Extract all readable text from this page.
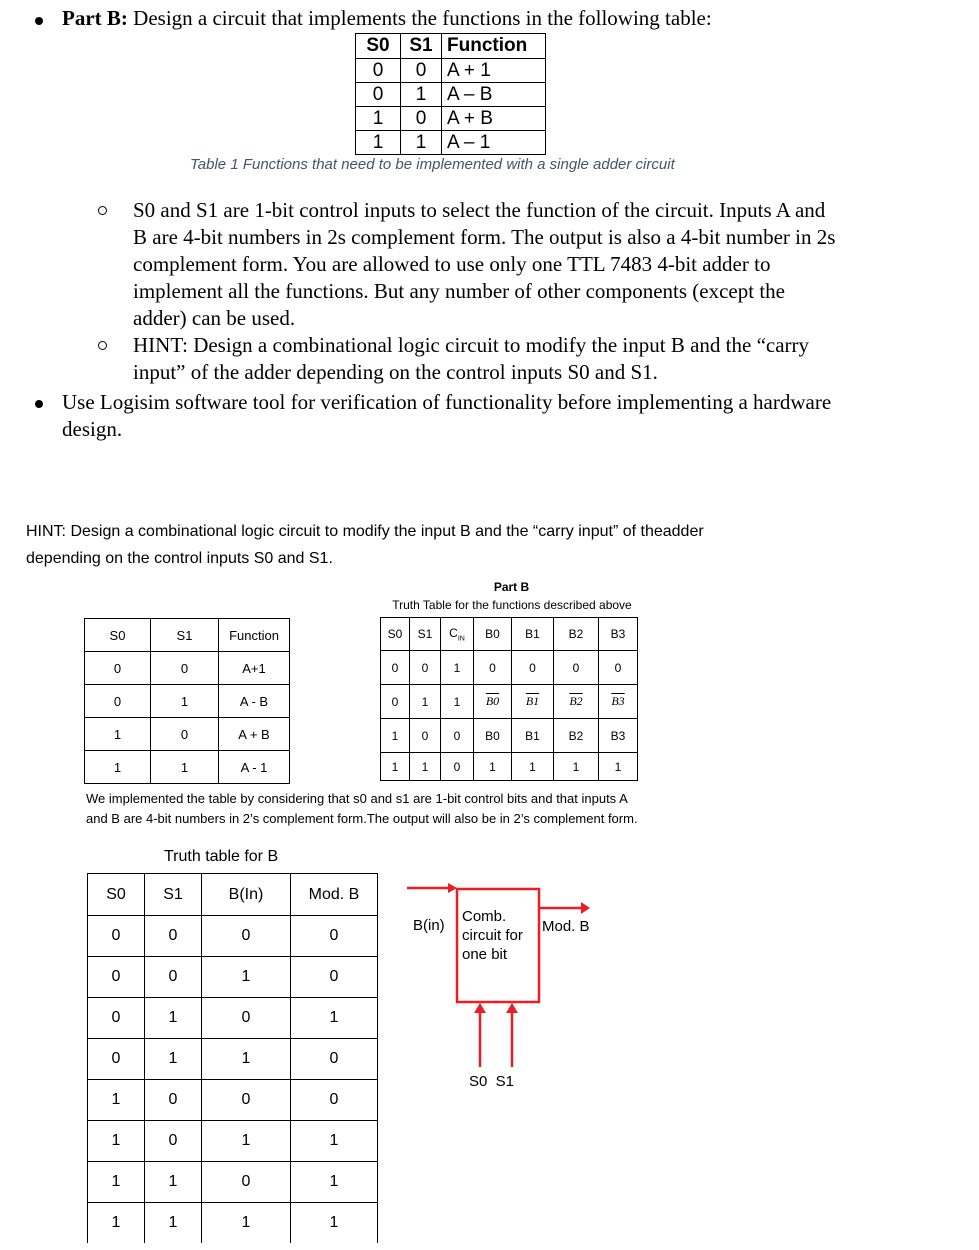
Part B: Design a circuit that implements the functions in the following table:
S0	S1	Function
0	0	A + 1
0	1	A – B
1	0	A + B
1	1	A – 1
Table 1 Functions that need to be implemented with a single adder circuit
S0 and S1 are 1-bit control inputs to select the function of the circuit. Inputs A and
B are 4-bit numbers in 2s complement form. The output is also a 4-bit number in 2s
complement form. You are allowed to use only one TTL 7483 4-bit adder to
implement all the functions. But any number of other components (except the
adder) can be used.
HINT: Design a combinational logic circuit to modify the input B and the “carry
input” of the adder depending on the control inputs S0 and S1.
Use Logisim software tool for verification of functionality before implementing a hardware
design.
HINT: Design a combinational logic circuit to modify the input B and the “carry input” of theadder
depending on the control inputs S0 and S1.
S0	S1	Function
0	0	A+1
0	1	A - B
1	0	A + B
1	1	A - 1
Part B
Truth Table for the functions described above
S0	S1	$C_{IN}$	B0	B1	B2	B3
0	0	1	0	0	0	0
0	1	1	B0	B1	B2	B3
1	0	0	B0	B1	B2	B3
1	1	0	1	1	1	1
We implemented the table by considering that s0 and s1 are 1-bit control bits and that inputs A
and B are 4-bit numbers in 2’s complement form.The output will also be in 2’s complement form.
Truth table for B
S0	S1	B(In)	Mod. B
0	0	0	0
0	0	1	0
0	1	0	1
0	1	1	0
1	0	0	0
1	0	1	1
1	1	0	1
1	1	1	1
B(in)
Comb.
circuit for
one bit
Mod. B
S0  S1
